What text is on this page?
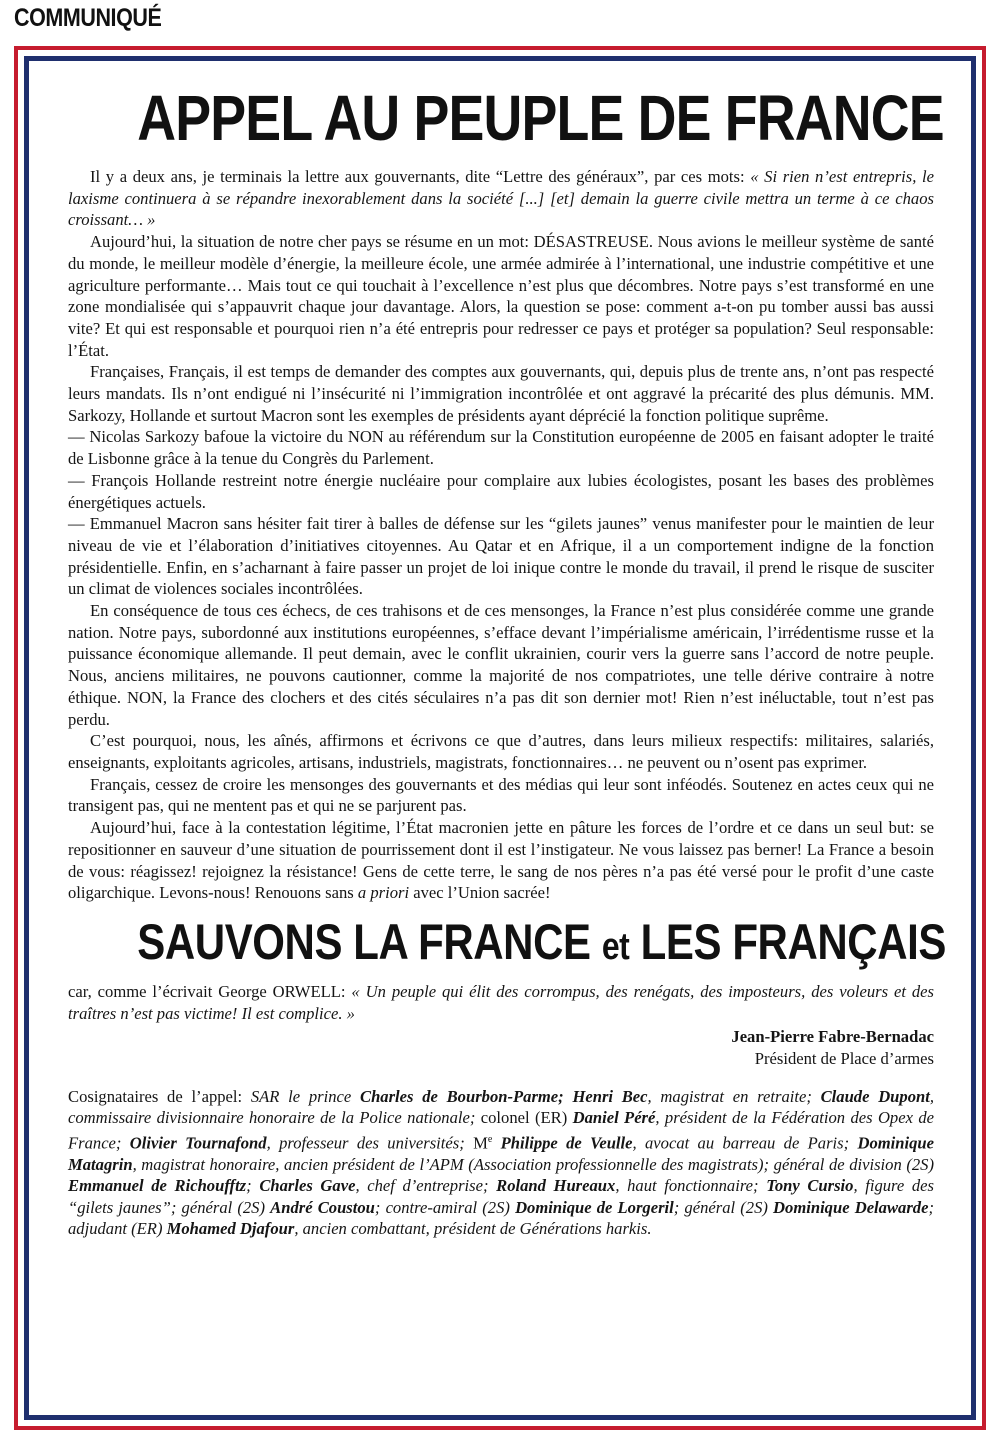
COMMUNIQUÉ
APPEL AU PEUPLE DE FRANCE

Il y a deux ans, je terminais la lettre aux gouvernants, dite “Lettre des généraux”, par ces mots: « Si rien n’est entrepris, le laxisme continuera à se répandre inexorablement dans la société [...] [et] demain la guerre civile mettra un terme à ce chaos croissant… »

Aujourd’hui, la situation de notre cher pays se résume en un mot: DÉSASTREUSE. Nous avions le meilleur système de santé du monde, le meilleur modèle d’énergie, la meilleure école, une armée admirée à l’international, une industrie compétitive et une agriculture performante… Mais tout ce qui touchait à l’excellence n’est plus que décombres. Notre pays s’est transformé en une zone mondialisée qui s’appauvrit chaque jour davantage. Alors, la question se pose: comment a-t-on pu tomber aussi bas aussi vite? Et qui est responsable et pourquoi rien n’a été entrepris pour redresser ce pays et protéger sa population? Seul responsable: l’État.

Françaises, Français, il est temps de demander des comptes aux gouvernants, qui, depuis plus de trente ans, n’ont pas respecté leurs mandats. Ils n’ont endigué ni l’insécurité ni l’immigration incontrôlée et ont aggravé la précarité des plus démunis. MM. Sarkozy, Hollande et surtout Macron sont les exemples de présidents ayant déprécié la fonction politique suprême.

— Nicolas Sarkozy bafoue la victoire du NON au référendum sur la Constitution européenne de 2005 en faisant adopter le traité de Lisbonne grâce à la tenue du Congrès du Parlement.

— François Hollande restreint notre énergie nucléaire pour complaire aux lubies écologistes, posant les bases des problèmes énergétiques actuels.

— Emmanuel Macron sans hésiter fait tirer à balles de défense sur les “gilets jaunes” venus manifester pour le maintien de leur niveau de vie et l’élaboration d’initiatives citoyennes. Au Qatar et en Afrique, il a un comportement indigne de la fonction présidentielle. Enfin, en s’acharnant à faire passer un projet de loi inique contre le monde du travail, il prend le risque de susciter un climat de violences sociales incontrôlées.

En conséquence de tous ces échecs, de ces trahisons et de ces mensonges, la France n’est plus considérée comme une grande nation. Notre pays, subordonné aux institutions européennes, s’efface devant l’impérialisme américain, l’irrédentisme russe et la puissance économique allemande. Il peut demain, avec le conflit ukrainien, courir vers la guerre sans l’accord de notre peuple. Nous, anciens militaires, ne pouvons cautionner, comme la majorité de nos compatriotes, une telle dérive contraire à notre éthique. NON, la France des clochers et des cités séculaires n’a pas dit son dernier mot! Rien n’est inéluctable, tout n’est pas perdu.

C’est pourquoi, nous, les aînés, affirmons et écrivons ce que d’autres, dans leurs milieux respectifs: militaires, salariés, enseignants, exploitants agricoles, artisans, industriels, magistrats, fonctionnaires… ne peuvent ou n’osent pas exprimer.

Français, cessez de croire les mensonges des gouvernants et des médias qui leur sont inféodés. Soutenez en actes ceux qui ne transigent pas, qui ne mentent pas et qui ne se parjurent pas.

Aujourd’hui, face à la contestation légitime, l’État macronien jette en pâture les forces de l’ordre et ce dans un seul but: se repositionner en sauveur d’une situation de pourrissement dont il est l’instigateur. Ne vous laissez pas berner! La France a besoin de vous: réagissez! rejoignez la résistance! Gens de cette terre, le sang de nos pères n’a pas été versé pour le profit d’une caste oligarchique. Levons-nous! Renouons sans a priori avec l’Union sacrée!

SAUVONS LA FRANCE et LES FRANÇAIS
car, comme l’écrivait George ORWELL: « Un peuple qui élit des corrompus, des renégats, des imposteurs, des voleurs et des traîtres n’est pas victime! Il est complice. »
Jean-Pierre Fabre-Bernadac
Président de Place d’armes
Cosignataires de l’appel: SAR le prince Charles de Bourbon-Parme; Henri Bec, magistrat en retraite; Claude Dupont, commissaire divisionnaire honoraire de la Police nationale; colonel (ER) Daniel Péré, président de la Fédération des Opex de France; Olivier Tournafond, professeur des universités; Me Philippe de Veulle, avocat au barreau de Paris; Dominique Matagrin, magistrat honoraire, ancien président de l’APM (Association professionnelle des magistrats); général de division (2S) Emmanuel de Richoufftz; Charles Gave, chef d’entreprise; Roland Hureaux, haut fonctionnaire; Tony Cursio, figure des “gilets jaunes”; général (2S) André Coustou; contre-amiral (2S) Dominique de Lorgeril; général (2S) Dominique Delawarde; adjudant (ER) Mohamed Djafour, ancien combattant, président de Générations harkis.
